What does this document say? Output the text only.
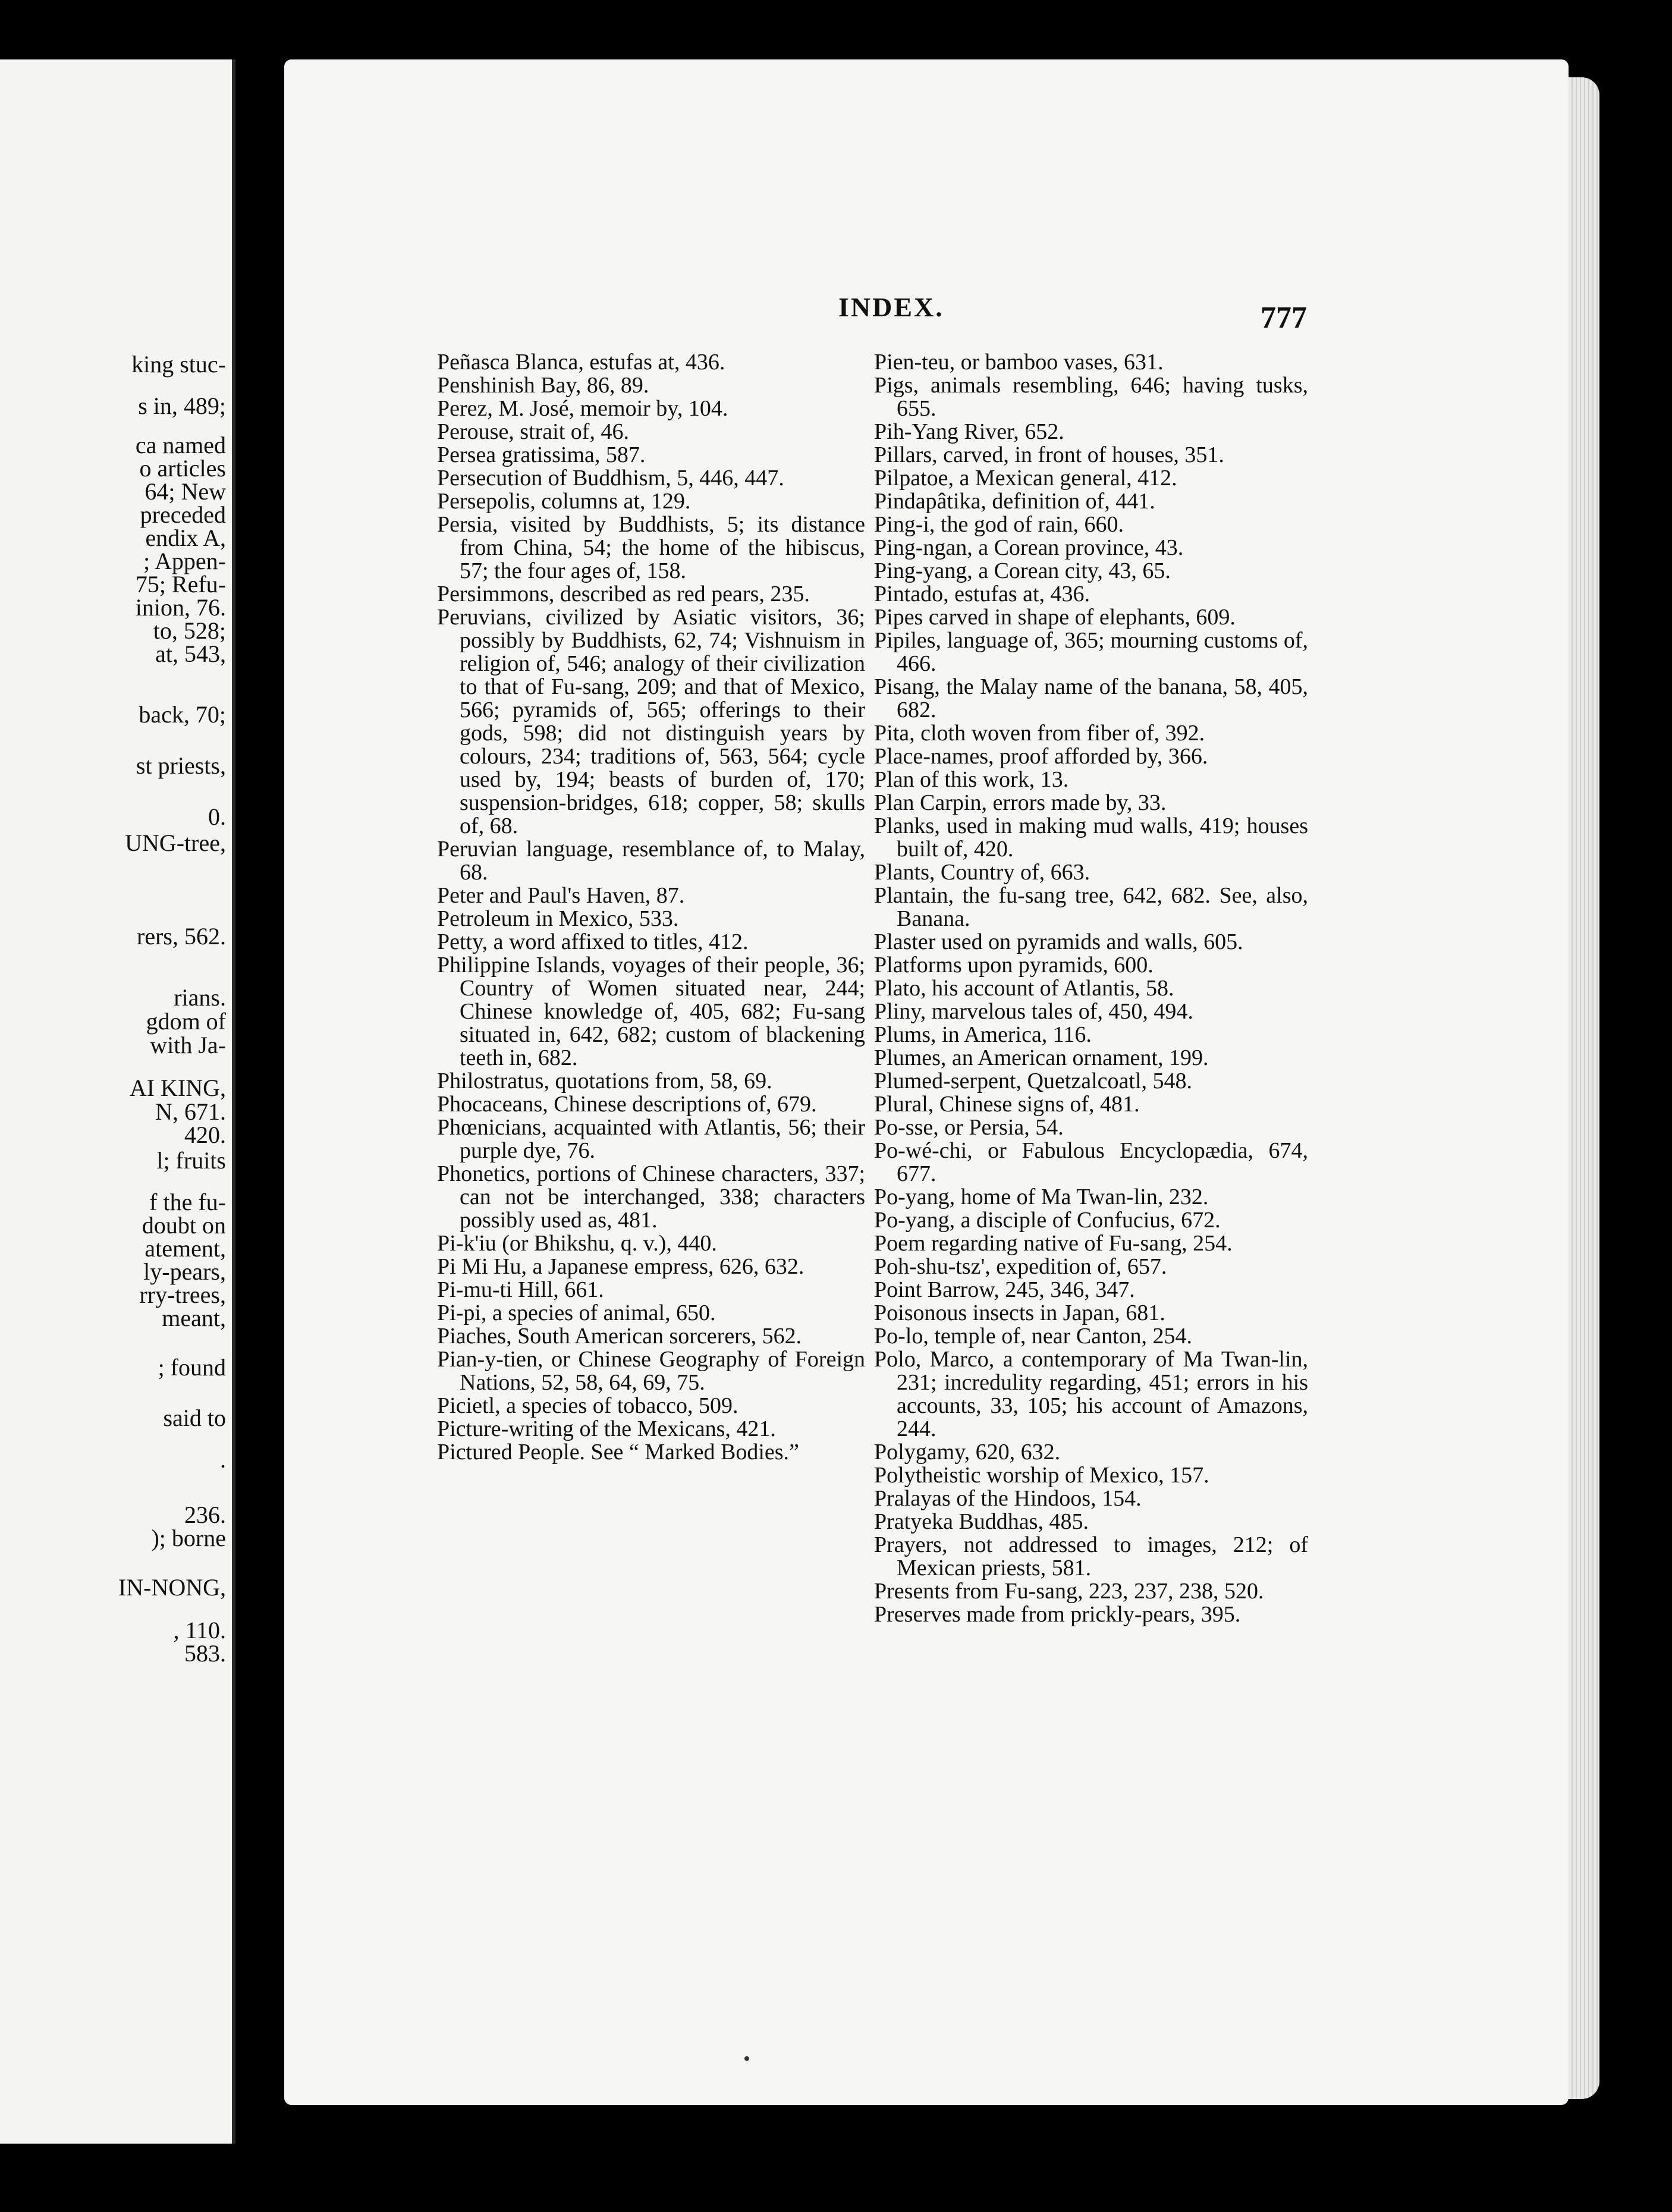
king stuc-
s in, 489;
ca named
o articles
64; New
preceded
endix A,
; Appen-
75; Refu-
inion, 76.
to, 528;
at, 543,
back, 70;
st priests,
0.
UNG-tree,
rers, 562.
rians.
gdom of
with Ja-
AI KING,
N, 671.
420.
l; fruits
f the fu-
doubt on
atement,
ly-pears,
rry-trees,
meant,
; found
said to
.
236.
); borne
IN-NONG,
, 110.
583.
INDEX.	777
Peñasca Blanca, estufas at, 436.
Penshinish Bay, 86, 89.
Perez, M. José, memoir by, 104.
Perouse, strait of, 46.
Persea gratissima, 587.
Persecution of Buddhism, 5, 446, 447.
Persepolis, columns at, 129.
Persia, visited by Buddhists, 5; its distance from China, 54; the home of the hibiscus, 57; the four ages of, 158.
Persimmons, described as red pears, 235.
Peruvians, civilized by Asiatic visitors, 36; possibly by Buddhists, 62, 74; Vishnuism in religion of, 546; analogy of their civilization to that of Fu-sang, 209; and that of Mexico, 566; pyramids of, 565; offerings to their gods, 598; did not distinguish years by colours, 234; traditions of, 563, 564; cycle used by, 194; beasts of burden of, 170; suspension-bridges, 618; copper, 58; skulls of, 68.
Peruvian language, resemblance of, to Malay, 68.
Peter and Paul's Haven, 87.
Petroleum in Mexico, 533.
Petty, a word affixed to titles, 412.
Philippine Islands, voyages of their people, 36; Country of Women situated near, 244; Chinese knowledge of, 405, 682; Fu-sang situated in, 642, 682; custom of blackening teeth in, 682.
Philostratus, quotations from, 58, 69.
Phocaceans, Chinese descriptions of, 679.
Phœnicians, acquainted with Atlantis, 56; their purple dye, 76.
Phonetics, portions of Chinese characters, 337; can not be interchanged, 338; characters possibly used as, 481.
Pi-k'iu (or Bhikshu, q. v.), 440.
Pi Mi Hu, a Japanese empress, 626, 632.
Pi-mu-ti Hill, 661.
Pi-pi, a species of animal, 650.
Piaches, South American sorcerers, 562.
Pian-y-tien, or Chinese Geography of Foreign Nations, 52, 58, 64, 69, 75.
Picietl, a species of tobacco, 509.
Picture-writing of the Mexicans, 421.
Pictured People. See “ Marked Bodies.”
Pien-teu, or bamboo vases, 631.
Pigs, animals resembling, 646; having tusks, 655.
Pih-Yang River, 652.
Pillars, carved, in front of houses, 351.
Pilpatoe, a Mexican general, 412.
Pindapâtika, definition of, 441.
Ping-i, the god of rain, 660.
Ping-ngan, a Corean province, 43.
Ping-yang, a Corean city, 43, 65.
Pintado, estufas at, 436.
Pipes carved in shape of elephants, 609.
Pipiles, language of, 365; mourning customs of, 466.
Pisang, the Malay name of the banana, 58, 405, 682.
Pita, cloth woven from fiber of, 392.
Place-names, proof afforded by, 366.
Plan of this work, 13.
Plan Carpin, errors made by, 33.
Planks, used in making mud walls, 419; houses built of, 420.
Plants, Country of, 663.
Plantain, the fu-sang tree, 642, 682. See, also, Banana.
Plaster used on pyramids and walls, 605.
Platforms upon pyramids, 600.
Plato, his account of Atlantis, 58.
Pliny, marvelous tales of, 450, 494.
Plums, in America, 116.
Plumes, an American ornament, 199.
Plumed-serpent, Quetzalcoatl, 548.
Plural, Chinese signs of, 481.
Po-sse, or Persia, 54.
Po-wé-chi, or Fabulous Encyclopædia, 674, 677.
Po-yang, home of Ma Twan-lin, 232.
Po-yang, a disciple of Confucius, 672.
Poem regarding native of Fu-sang, 254.
Poh-shu-tsz', expedition of, 657.
Point Barrow, 245, 346, 347.
Poisonous insects in Japan, 681.
Po-lo, temple of, near Canton, 254.
Polo, Marco, a contemporary of Ma Twan-lin, 231; incredulity regarding, 451; errors in his accounts, 33, 105; his account of Amazons, 244.
Polygamy, 620, 632.
Polytheistic worship of Mexico, 157.
Pralayas of the Hindoos, 154.
Pratyeka Buddhas, 485.
Prayers, not addressed to images, 212; of Mexican priests, 581.
Presents from Fu-sang, 223, 237, 238, 520.
Preserves made from prickly-pears, 395.
